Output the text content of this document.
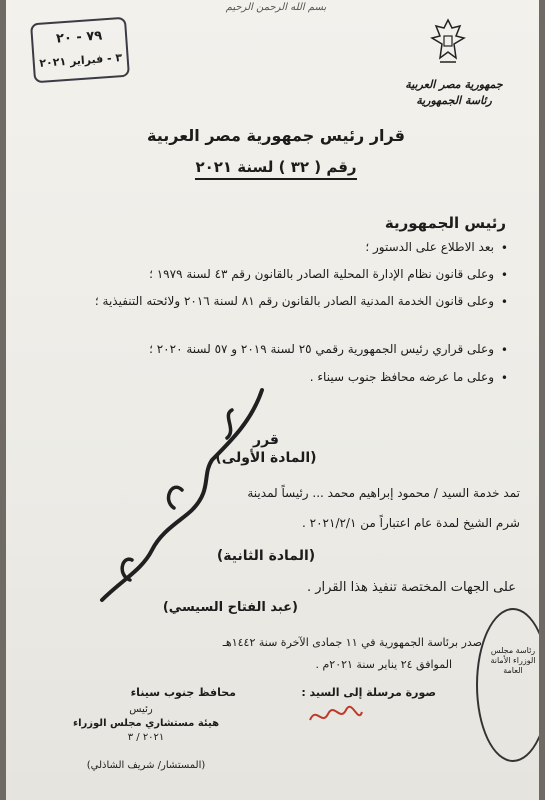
بسم الله الرحمن الرحيم
٧٩ - ٢٠
٣ - فبراير ٢٠٢١
جمهورية مصر العربية
رئاسة الجمهورية
قرار رئيس جمهورية مصر العربية
رقم ( ٣٢ ) لسنة ٢٠٢١
رئيس الجمهورية
•
بعد الاطلاع على الدستور ؛
•
وعلى قانون نظام الإدارة المحلية الصادر بالقانون رقم ٤٣ لسنة ١٩٧٩ ؛
•
وعلى قانون الخدمة المدنية الصادر بالقانون رقم ٨١ لسنة ٢٠١٦ ولائحته التنفيذية ؛
•
وعلى قراري رئيس الجمهورية رقمي ٢٥ لسنة ٢٠١٩ و ٥٧ لسنة ٢٠٢٠ ؛
•
وعلى ما عرضه محافظ جنوب سيناء .
قرر
(المادة الأولى)
تمد خدمة السيد / محمود إبراهيم محمد ... رئيساً لمدينة
شرم الشيخ لمدة عام اعتباراً من ٢٠٢١/٢/١ .
(المادة الثانية)
على الجهات المختصة تنفيذ هذا القرار .
(عبد الفتاح السيسي)
صدر برئاسة الجمهورية في ١١ جمادى الآخرة سنة ١٤٤٢هـ
الموافق ٢٤ يناير سنة ٢٠٢١م .
صورة مرسلة إلى السيد :
محافظ جنوب سيناء
رئيس
هيئة مستشاري مجلس الوزراء
٢٠٢١ / ٣
(المستشار/ شريف الشاذلي)
رئاسة مجلس الوزراء الأمانة العامة
